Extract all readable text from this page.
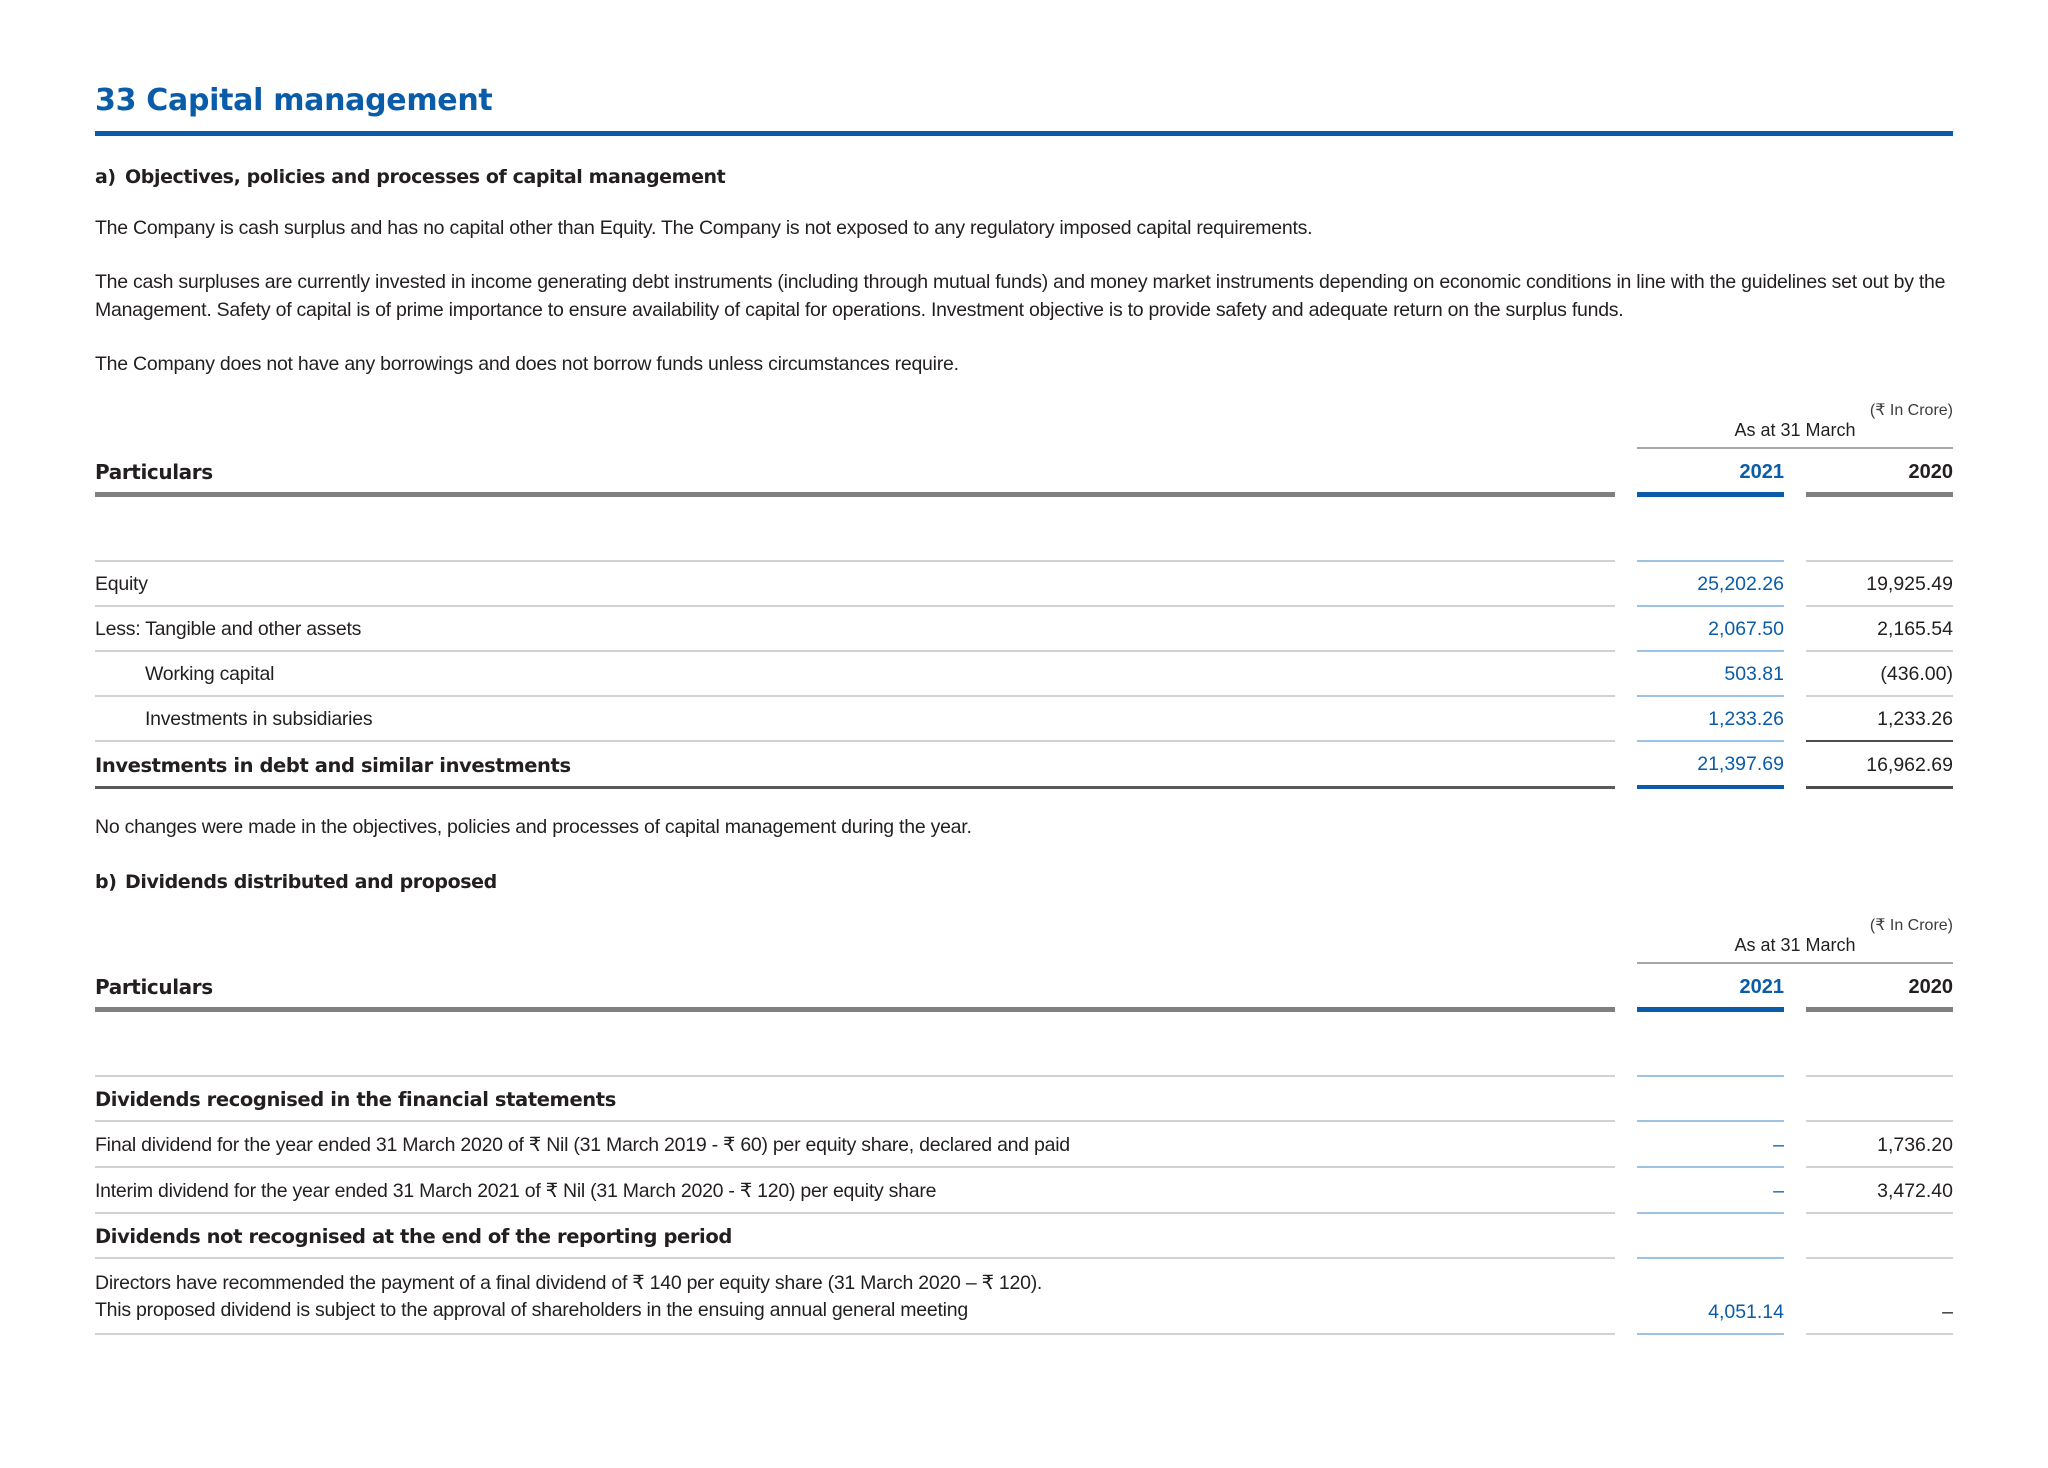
33 Capital management
a) Objectives, policies and processes of capital management

The Company is cash surplus and has no capital other than Equity. The Company is not exposed to any regulatory imposed capital requirements.

The cash surpluses are currently invested in income generating debt instruments (including through mutual funds) and money market instruments depending on economic conditions in line with the guidelines set out by the Management. Safety of capital is of prime importance to ensure availability of capital for operations. Investment objective is to provide safety and adequate return on the surplus funds.

The Company does not have any borrowings and does not borrow funds unless circumstances require.

(₹ In Crore)

	As at 31 March	

Particulars	2021	2020

Equity	25,202.26	19,925.49

Less: Tangible and other assets	2,067.50	2,165.54

Working capital	503.81	(436.00)

Investments in subsidiaries	1,233.26	1,233.26

Investments in debt and similar investments	21,397.69	16,962.69

No changes were made in the objectives, policies and processes of capital management during the year.

b) Dividends distributed and proposed
(₹ In Crore)

	As at 31 March	

Particulars	2021	2020

Dividends recognised in the financial statements		

Final dividend for the year ended 31 March 2020 of ₹ Nil (31 March 2019 - ₹ 60) per equity share, declared and paid	–	1,736.20

Interim dividend for the year ended 31 March 2021 of ₹ Nil (31 March 2020 - ₹ 120) per equity share	–	3,472.40

Dividends not recognised at the end of the reporting period		

Directors have recommended the payment of a final dividend of ₹ 140 per equity share (31 March 2020 – ₹ 120).
This proposed dividend is subject to the approval of shareholders in the ensuing annual general meeting	4,051.14	–
